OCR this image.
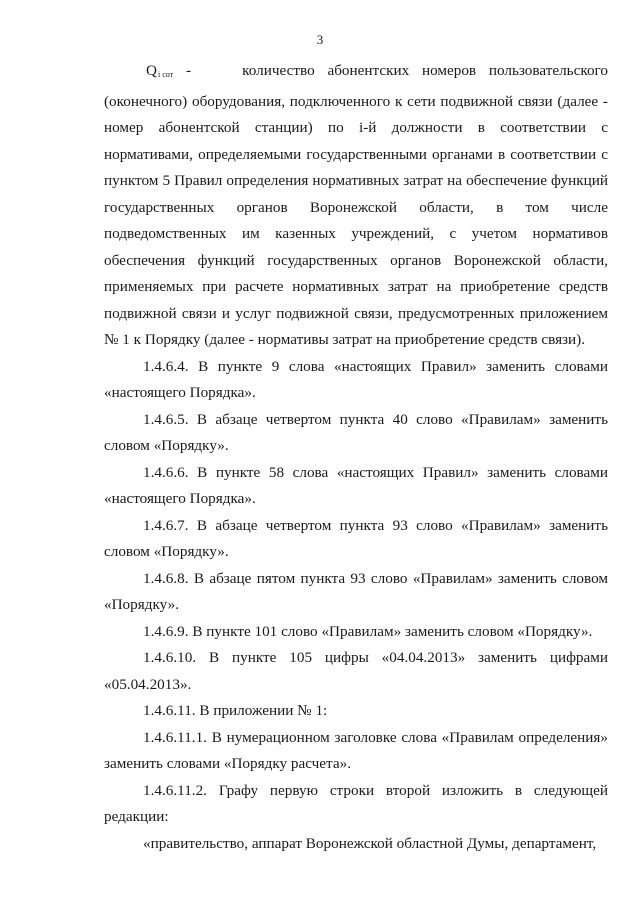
3

$Q_{i сот}$ -	количество абонентских номеров пользовательского (оконечного) оборудования, подключенного к сети подвижной связи (далее - номер абонентской станции) по i-й должности в соответствии с нормативами, определяемыми государственными органами в соответствии с пунктом 5 Правил определения нормативных затрат на обеспечение функций государственных органов Воронежской области, в том числе подведомственных им казенных учреждений, с учетом нормативов обеспечения функций государственных органов Воронежской области, применяемых при расчете нормативных затрат на приобретение средств подвижной связи и услуг подвижной связи, предусмотренных приложением № 1 к Порядку (далее - нормативы затрат на приобретение средств связи).

1.4.6.4. В пункте 9 слова «настоящих Правил» заменить словами «настоящего Порядка».

1.4.6.5. В абзаце четвертом пункта 40 слово «Правилам» заменить словом «Порядку».

1.4.6.6. В пункте 58 слова «настоящих Правил» заменить словами «настоящего Порядка».

1.4.6.7. В абзаце четвертом пункта 93 слово «Правилам» заменить словом «Порядку».

1.4.6.8. В абзаце пятом пункта 93 слово «Правилам» заменить словом «Порядку».

1.4.6.9. В пункте 101 слово «Правилам» заменить словом «Порядку».

1.4.6.10. В пункте 105 цифры «04.04.2013» заменить цифрами «05.04.2013».

1.4.6.11. В приложении № 1:

1.4.6.11.1. В нумерационном заголовке слова «Правилам определения» заменить словами «Порядку расчета».

1.4.6.11.2. Графу первую строки второй изложить в следующей редакции:

«правительство, аппарат Воронежской областной Думы, департамент,
